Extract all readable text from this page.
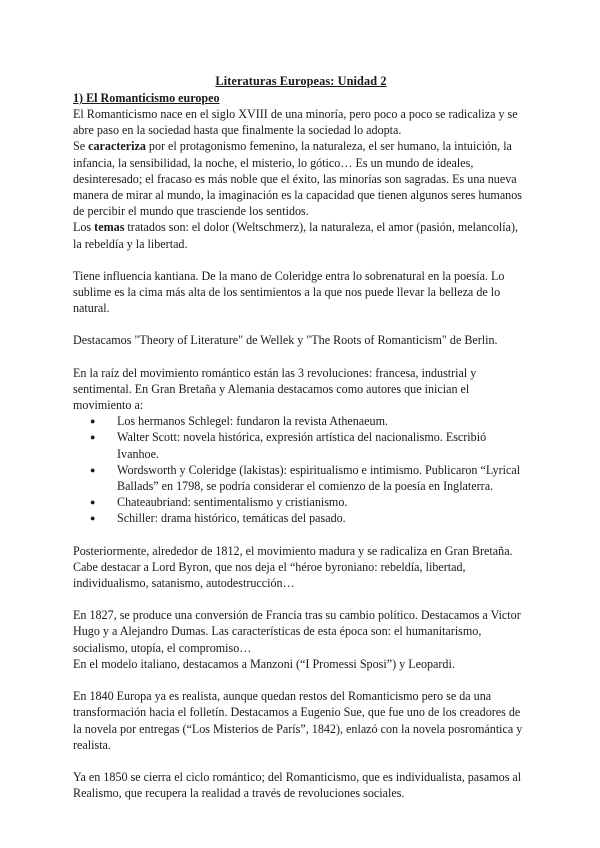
Literaturas Europeas: Unidad 2
1) El Romanticismo europeo

El Romanticismo nace en el siglo XVIII de una minoría, pero poco a poco se radicaliza y se abre paso en la sociedad hasta que finalmente la sociedad lo adopta.

Se caracteriza por el protagonismo femenino, la naturaleza, el ser humano, la intuición, la infancia, la sensibilidad, la noche, el misterio, lo gótico… Es un mundo de ideales, desinteresado; el fracaso es más noble que el éxito, las minorías son sagradas. Es una nueva manera de mirar al mundo, la imaginación es la capacidad que tienen algunos seres humanos de percibir el mundo que trasciende los sentidos.

Los temas tratados son: el dolor (Weltschmerz), la naturaleza, el amor (pasión, melancolía), la rebeldía y la libertad.

Tiene influencia kantiana. De la mano de Coleridge entra lo sobrenatural en la poesía. Lo sublime es la cima más alta de los sentimientos a la que nos puede llevar la belleza de lo natural.

Destacamos "Theory of Literature" de Wellek y "The Roots of Romanticism" de Berlin.

En la raíz del movimiento romántico están las 3 revoluciones: francesa, industrial y sentimental. En Gran Bretaña y Alemania destacamos como autores que inician el movimiento a:

● Los hermanos Schlegel: fundaron la revista Athenaeum.
● Walter Scott: novela histórica, expresión artística del nacionalismo. Escribió Ivanhoe.
● Wordsworth y Coleridge (lakistas): espiritualismo e intimismo. Publicaron “Lyrical Ballads” en 1798, se podría considerar el comienzo de la poesía en Inglaterra.
● Chateaubriand: sentimentalismo y cristianismo.
● Schiller: drama histórico, temáticas del pasado.

Posteriormente, alrededor de 1812, el movimiento madura y se radicaliza en Gran Bretaña. Cabe destacar a Lord Byron, que nos deja el “héroe byroniano: rebeldía, libertad, individualismo, satanismo, autodestrucción…

En 1827, se produce una conversión de Francia tras su cambio político. Destacamos a Victor Hugo y a Alejandro Dumas. Las características de esta época son: el humanitarismo, socialismo, utopía, el compromiso…

En el modelo italiano, destacamos a Manzoni (“I Promessi Sposi”) y Leopardi.

En 1840 Europa ya es realista, aunque quedan restos del Romanticismo pero se da una transformación hacia el folletín. Destacamos a Eugenio Sue, que fue uno de los creadores de la novela por entregas (“Los Misterios de París”, 1842), enlazó con la novela posromántica y realista.

Ya en 1850 se cierra el ciclo romántico; del Romanticismo, que es individualista, pasamos al Realismo, que recupera la realidad a través de revoluciones sociales.
